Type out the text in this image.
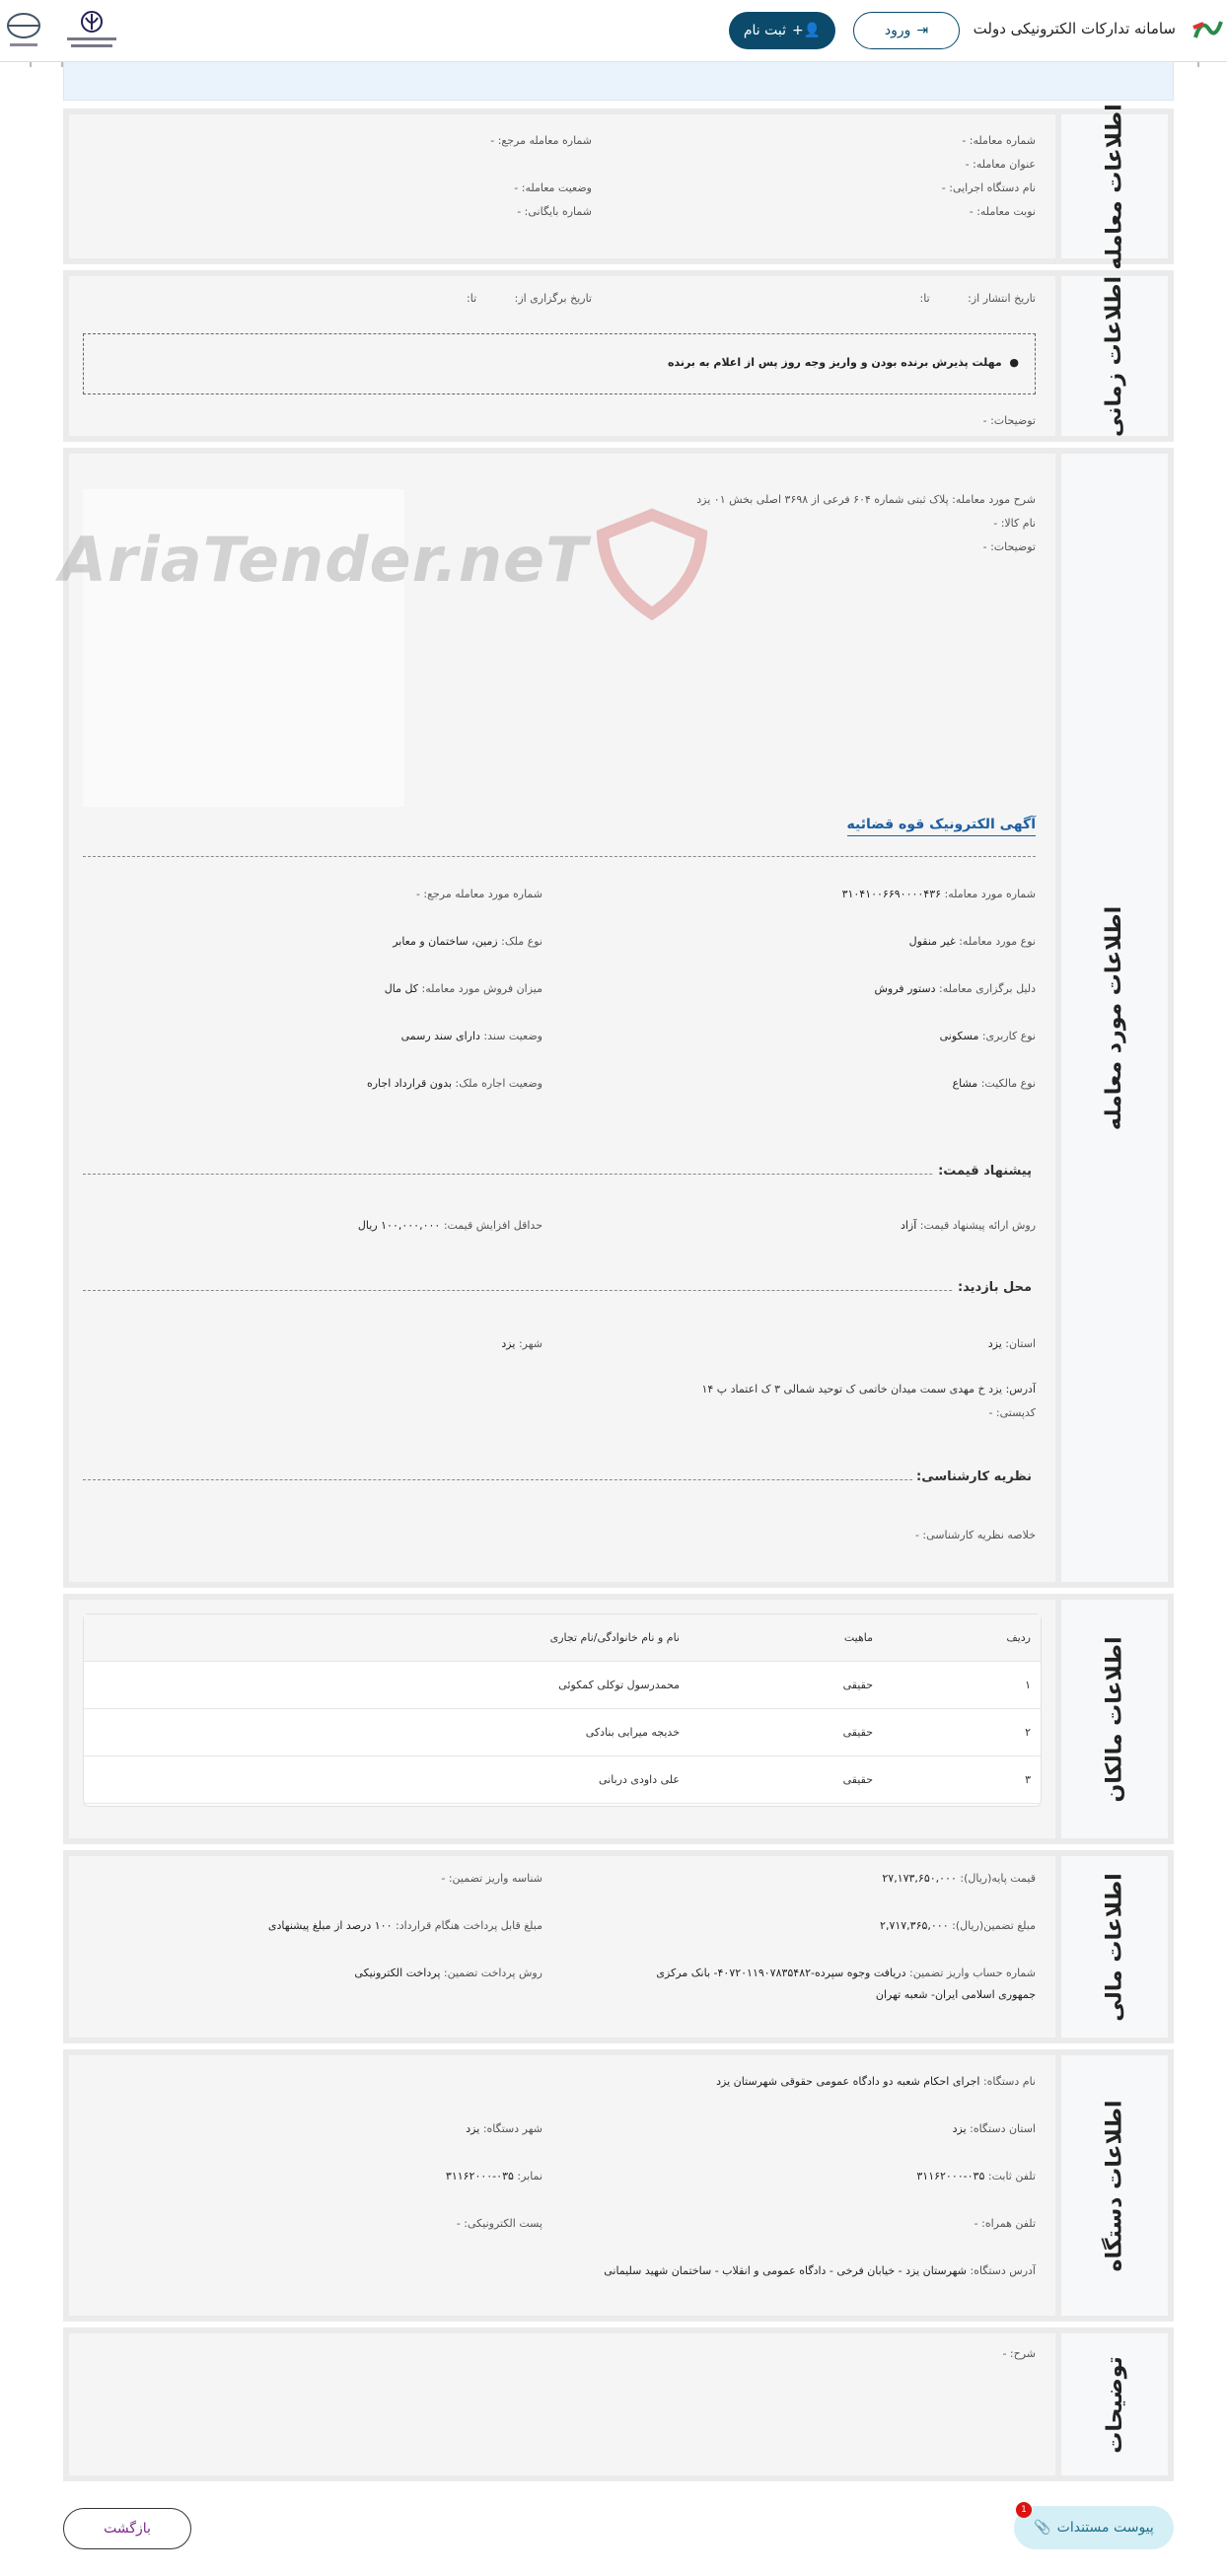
سامانه تدارکات الکترونیکی دولت
⇥
ورود
👤+
ثبت نام
اطلاعات معامله
شماره معامله: -
شماره معامله مرجع: -
عنوان معامله: -
نام دستگاه اجرایی: -
وضعیت معامله: -
نوبت معامله: -
شماره بایگانی: -
اطلاعات زمانی
تاریخ انتشار از:           تا:
تاریخ برگزاری از:           تا:
●  مهلت پذیرش برنده بودن و واریز وجه روز پس از اعلام به برنده
توضیحات: -
اطلاعات مورد معامله
AriaTender.neT
شرح مورد معامله: پلاک ثبتی شماره ۶۰۴ فرعی از ۳۶۹۸ اصلی بخش ۰۱ یزد
نام کالا: -
توضیحات: -
آگهی الکترونیک قوه قضائیه
شماره مورد معامله: ۳۱۰۴۱۰۰۶۶۹۰۰۰۰۴۳۶
شماره مورد معامله مرجع: -
نوع مورد معامله: غیر منقول
نوع ملک: زمین، ساختمان و معابر
دلیل برگزاری معامله: دستور فروش
میزان فروش مورد معامله: کل مال
نوع کاربری: مسکونی
وضعیت سند: دارای سند رسمی
نوع مالکیت: مشاع
وضعیت اجاره ملک: بدون قرارداد اجاره
پیشنهاد قیمت:
روش ارائه پیشنهاد قیمت: آزاد
حداقل افزایش قیمت: ۱۰۰,۰۰۰,۰۰۰ ریال
محل بازدید:
استان: یزد
شهر: یزد
آدرس: یزد خ مهدی سمت میدان خاتمی ک توحید شمالی ۳ ک اعتماد پ ۱۴
کدپستی: -
نظریه کارشناسی:
خلاصه نظریه کارشناسی: -
اطلاعات مالکان
ردیف
ماهیت
نام و نام خانوادگی/نام تجاری
۱
حقیقی
محمدرسول توکلی کمکوئی
۲
حقیقی
خدیجه میرابی بنادکی
۳
حقیقی
علی داودی دربانی
اطلاعات مالی
قیمت پایه(ریال): ۲۷,۱۷۳,۶۵۰,۰۰۰
شناسه واریز تضمین: -
مبلغ تضمین(ریال): ۲,۷۱۷,۳۶۵,۰۰۰
مبلغ قابل پرداخت هنگام قرارداد: ۱۰۰ درصد از مبلغ پیشنهادی
شماره حساب واریز تضمین: دریافت وجوه سپرده-۴۰۷۲۰۱۱۹۰۷۸۳۵۴۸۲- بانک مرکزی
جمهوری اسلامی ایران- شعبه تهران
روش پرداخت تضمین: پرداخت الکترونیکی
اطلاعات دستگاه
نام دستگاه: اجرای احکام شعبه دو دادگاه عمومی حقوقی شهرستان یزد
استان دستگاه: یزد
شهر دستگاه: یزد
تلفن ثابت: ۰۳۵-۳۱۱۶۲۰۰۰
نمابر: ۰۳۵-۳۱۱۶۲۰۰۰
تلفن همراه: -
پست الکترونیکی: -
آدرس دستگاه: شهرستان یزد - خیابان فرخی - دادگاه عمومی و انقلاب - ساختمان شهید سلیمانی
توضیحات
شرح: -
پیوست مستندات
📎
1
بازگشت
